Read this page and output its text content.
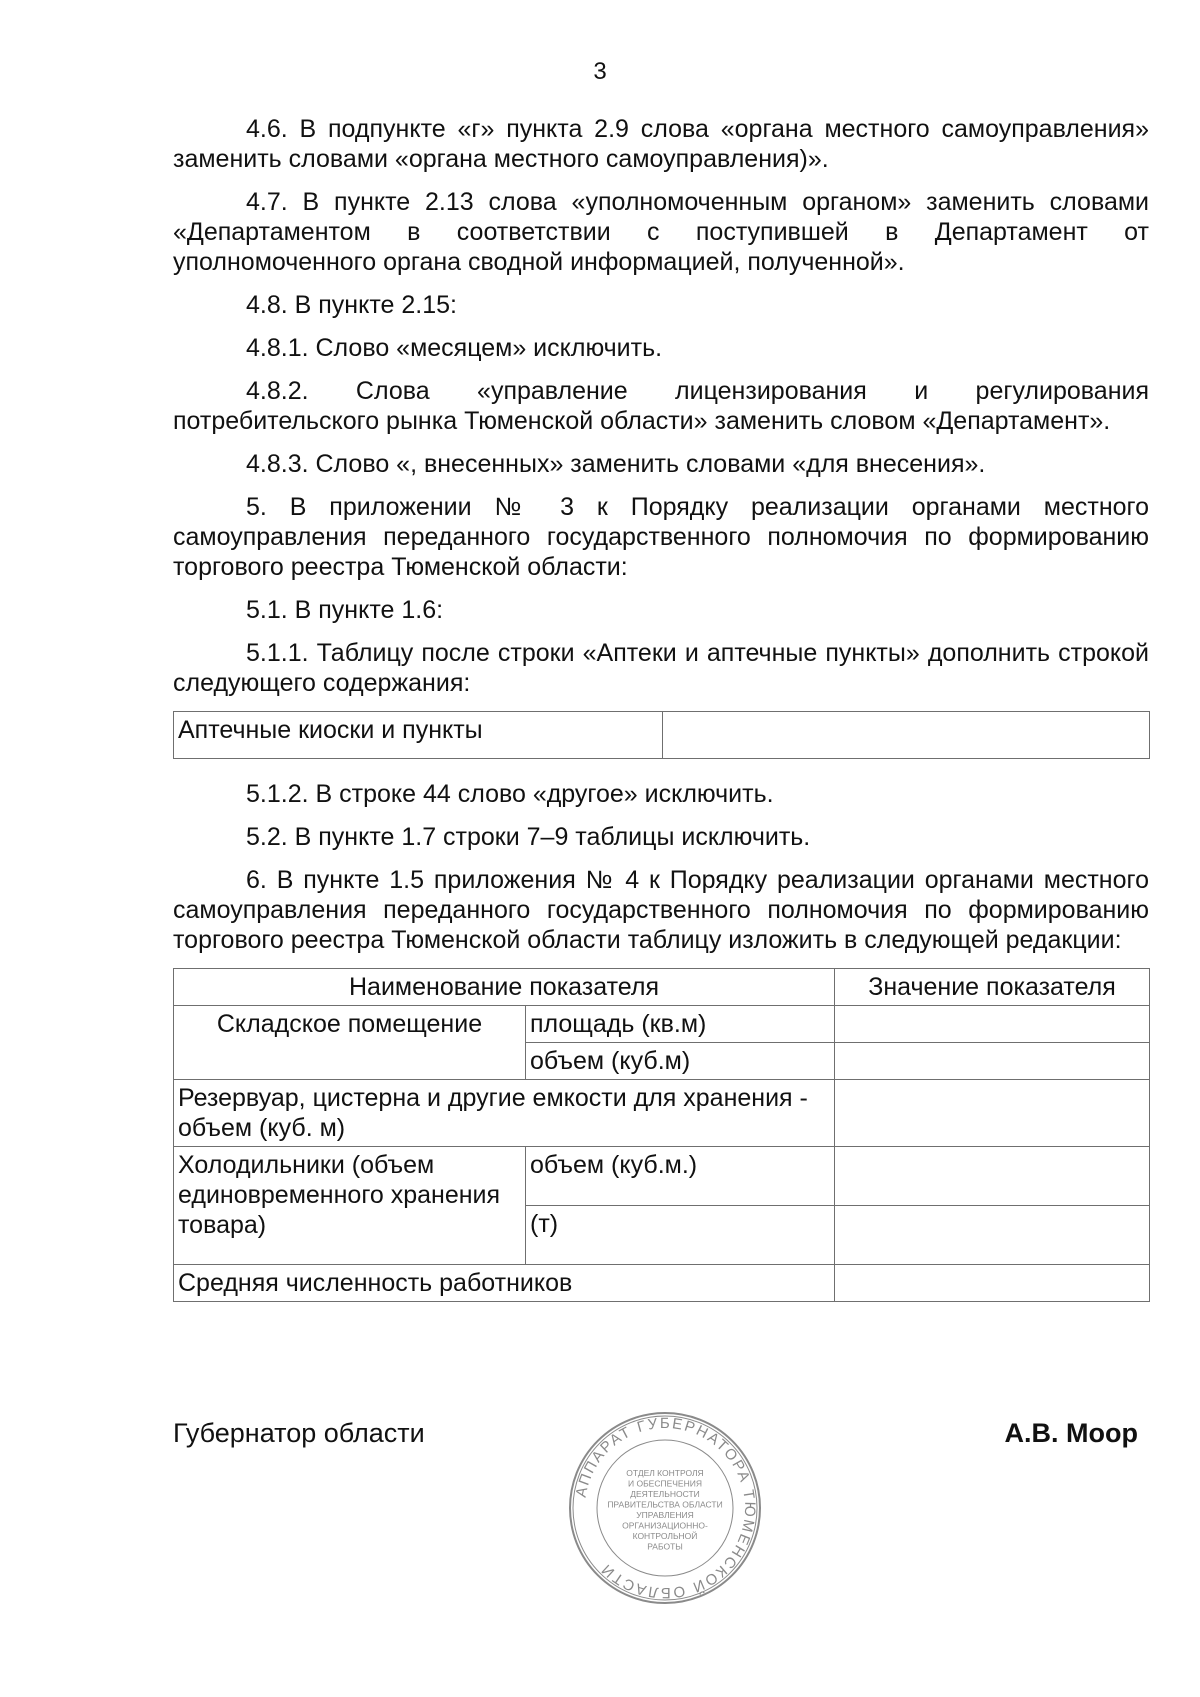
3

4.6. В подпункте «г» пункта 2.9 слова «органа местного самоуправления» заменить словами «органа местного самоуправления)».

4.7. В пункте 2.13 слова «уполномоченным органом» заменить словами «Департаментом в соответствии с поступившей в Департамент от уполномоченного органа сводной информацией, полученной».

4.8. В пункте 2.15:

4.8.1. Слово «месяцем» исключить.

4.8.2. Слова «управление лицензирования и регулирования потребительского рынка Тюменской области» заменить словом «Департамент».

4.8.3. Слово «, внесенных» заменить словами «для внесения».

5. В приложении № 3 к Порядку реализации органами местного самоуправления переданного государственного полномочия по формированию торгового реестра Тюменской области:

5.1. В пункте 1.6:

5.1.1. Таблицу после строки «Аптеки и аптечные пункты» дополнить строкой следующего содержания:

Аптечные киоски и пункты	

5.1.2. В строке 44 слово «другое» исключить.

5.2. В пункте 1.7 строки 7–9 таблицы исключить.

6. В пункте 1.5 приложения № 4 к Порядку реализации органами местного самоуправления переданного государственного полномочия по формированию торгового реестра Тюменской области таблицу изложить в следующей редакции:

Наименование показателя		Значение показателя
Складское помещение	площадь (кв.м)	
	объем (куб.м)	
Резервуар, цистерна и другие емкости для хранения - объем (куб. м)		
Холодильники (объем единовременного хранения товара)	объем (куб.м.)	
	(т)	
Средняя численность работников		
Губернатор области	А.В. Моор
АППАРАТ ГУБЕРНАТОРА ТЮМЕНСКОЙ ОБЛАСТИ
ОТДЕЛ КОНТРОЛЯ
И ОБЕСПЕЧЕНИЯ
ДЕЯТЕЛЬНОСТИ
ПРАВИТЕЛЬСТВА ОБЛАСТИ
УПРАВЛЕНИЯ
ОРГАНИЗАЦИОННО-
КОНТРОЛЬНОЙ
РАБОТЫ
